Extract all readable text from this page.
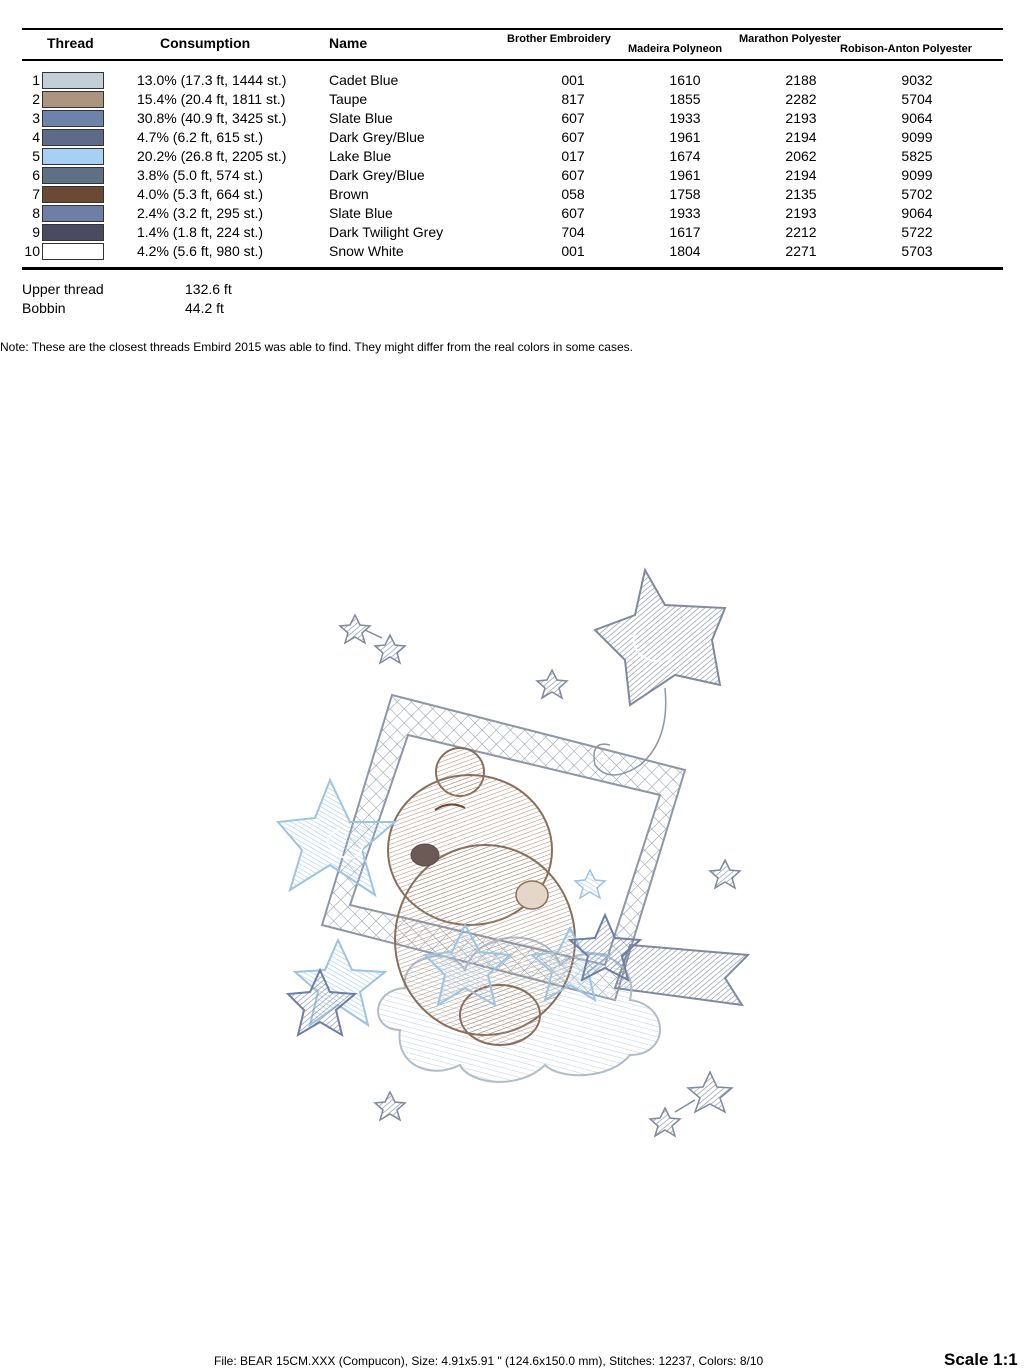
Thread	Consumption	Name	Brother Embroidery
Madeira Polyneon
Marathon Polyester
Robison-Anton Polyester
1	13.0% (17.3 ft, 1444 st.)	Cadet Blue	001	1610	2188	9032
2	15.4% (20.4 ft, 1811 st.)	Taupe	817	1855	2282	5704
3	30.8% (40.9 ft, 3425 st.)	Slate Blue	607	1933	2193	9064
4	4.7% (6.2 ft, 615 st.)	Dark Grey/Blue	607	1961	2194	9099
5	20.2% (26.8 ft, 2205 st.)	Lake Blue	017	1674	2062	5825
6	3.8% (5.0 ft, 574 st.)	Dark Grey/Blue	607	1961	2194	9099
7	4.0% (5.3 ft, 664 st.)	Brown	058	1758	2135	5702
8	2.4% (3.2 ft, 295 st.)	Slate Blue	607	1933	2193	9064
9	1.4% (1.8 ft, 224 st.)	Dark Twilight Grey	704	1617	2212	5722
10	4.2% (5.6 ft, 980 st.)	Snow White	001	1804	2271	5703
Upper thread	132.6 ft
Bobbin	44.2 ft
Note: These are the closest threads Embird 2015 was able to find. They might differ from the real colors in some cases.
File: BEAR 15CM.XXX (Compucon), Size: 4.91x5.91 " (124.6x150.0 mm), Stitches: 12237, Colors: 8/10	Scale 1:1
